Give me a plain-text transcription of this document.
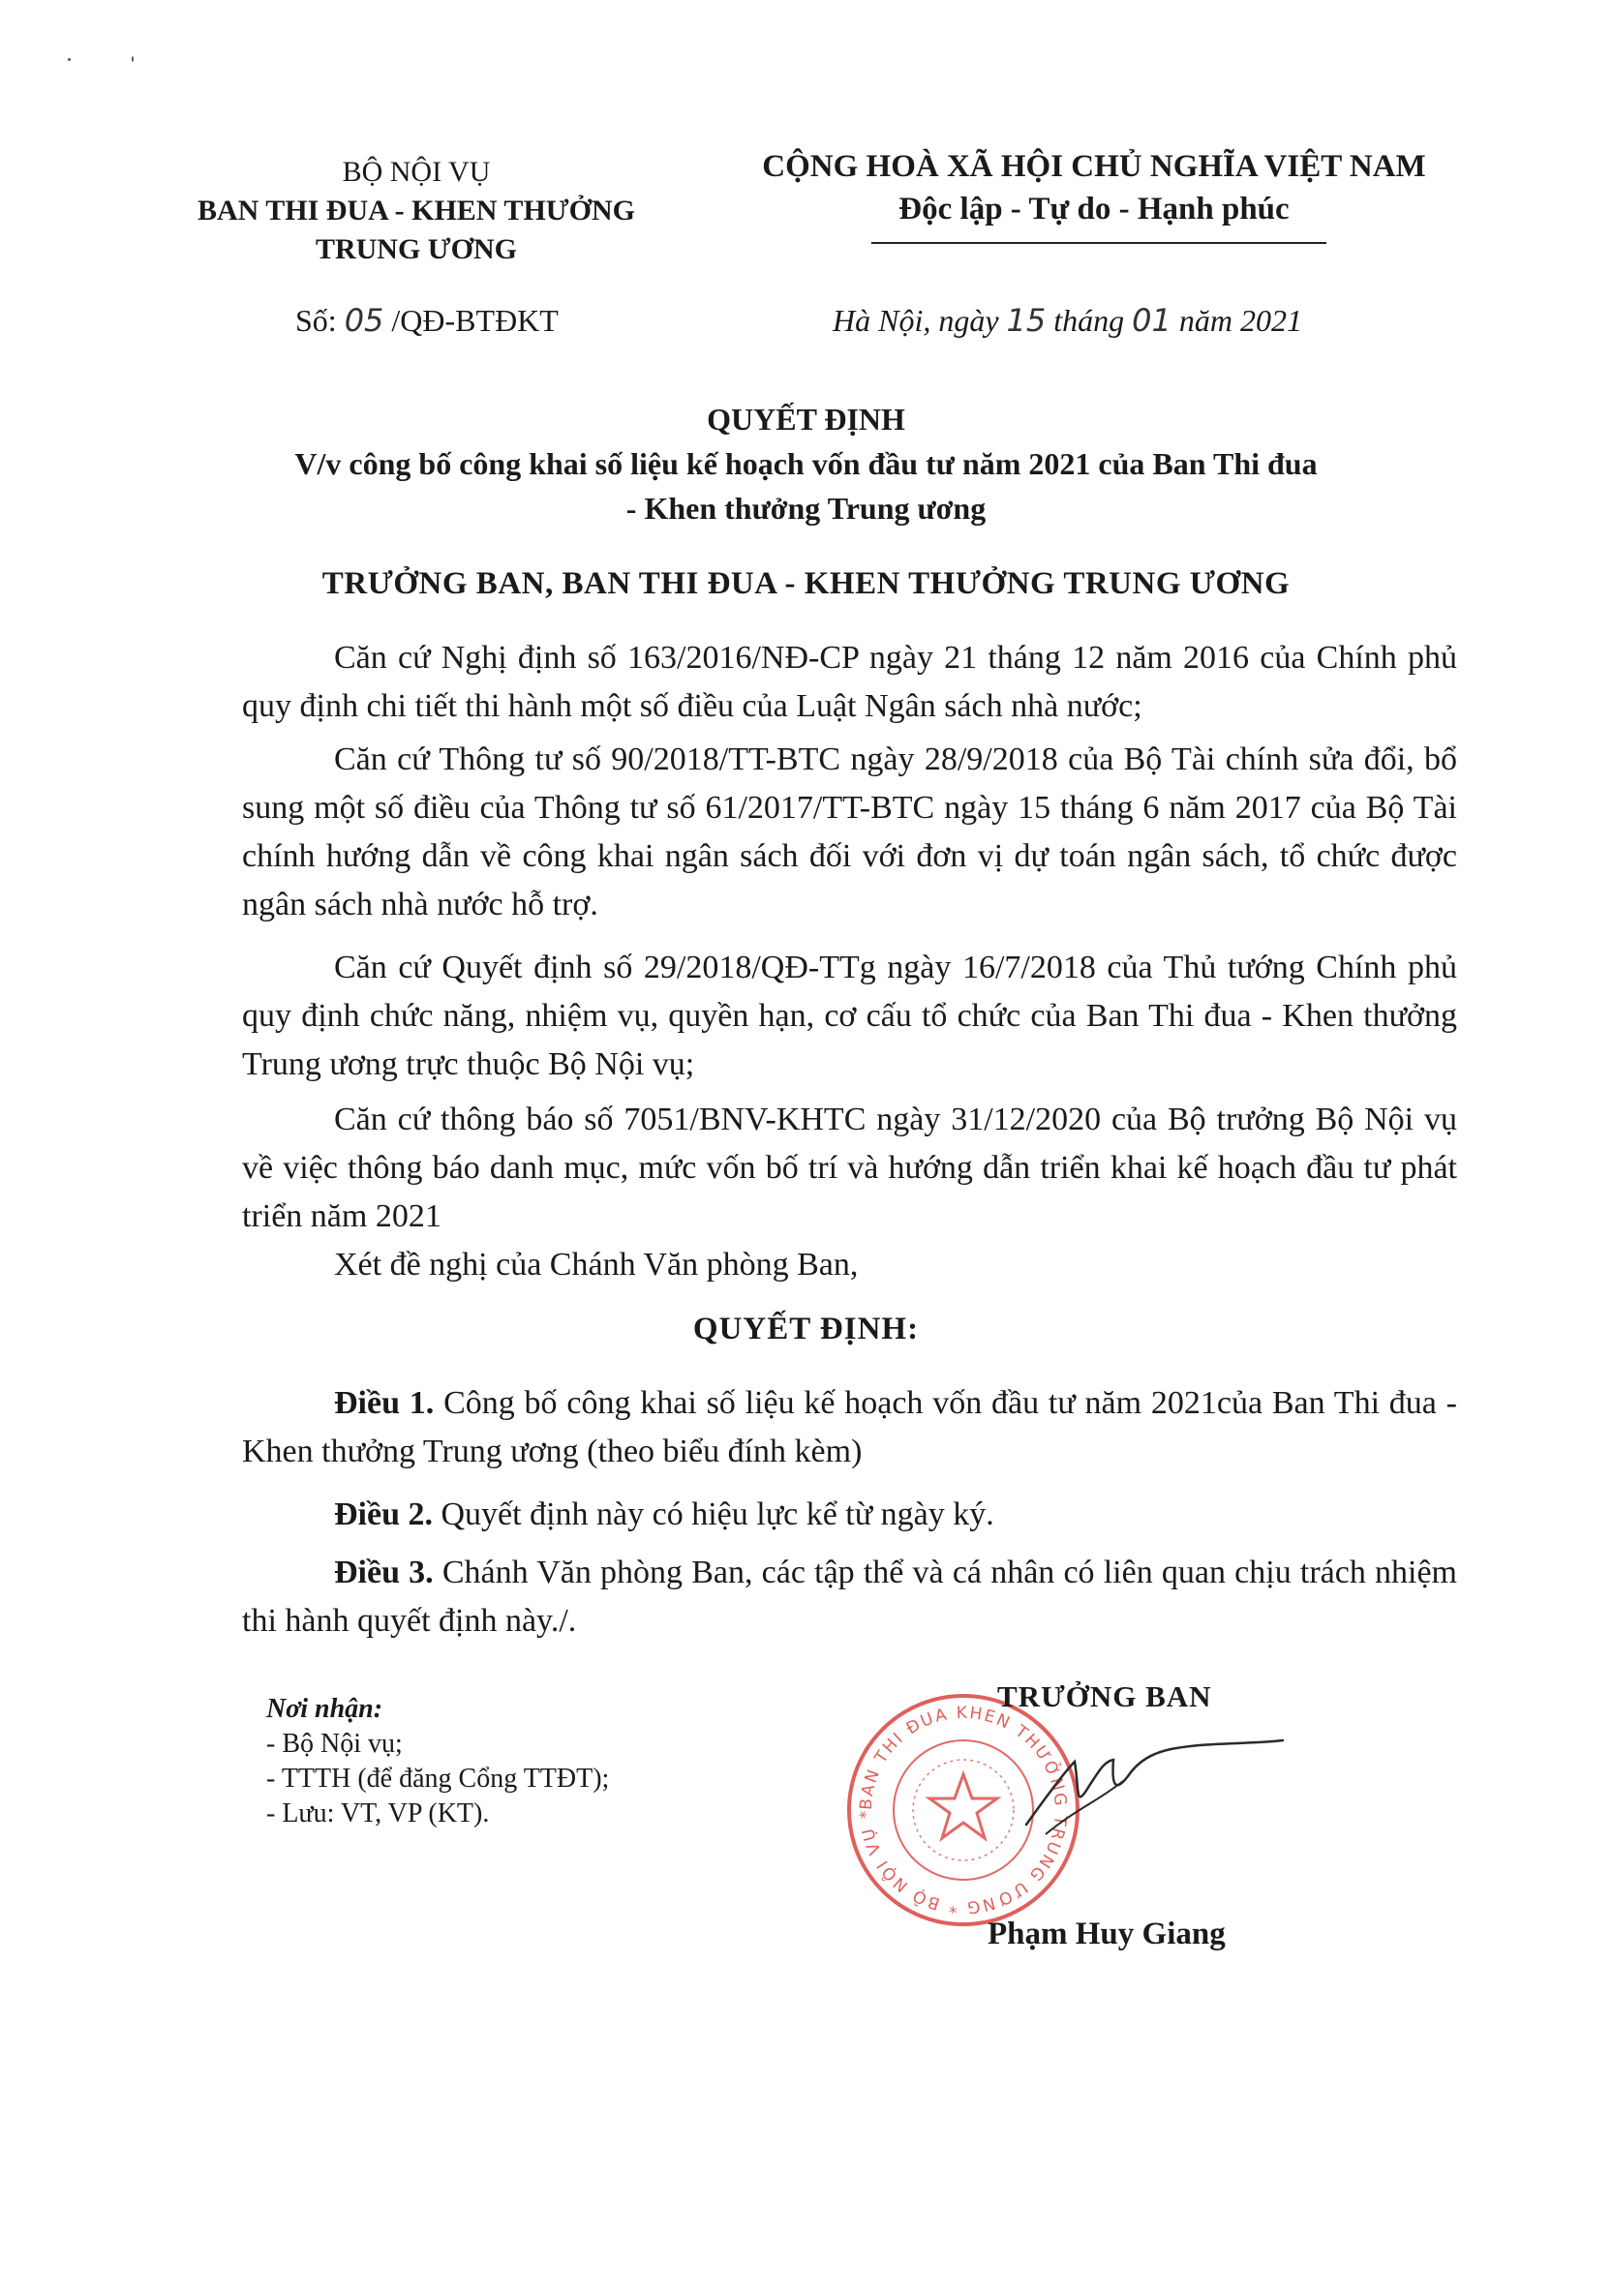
BỘ NỘI VỤ
BAN THI ĐUA - KHEN THƯỞNG
TRUNG ƯƠNG
CỘNG HOÀ XÃ HỘI CHỦ NGHĨA VIỆT NAM
Độc lập - Tự do - Hạnh phúc
Số: 05 /QĐ-BTĐKT	Hà Nội, ngày 15 tháng 01 năm 2021
QUYẾT ĐỊNH
V/v công bố công khai số liệu kế hoạch vốn đầu tư năm 2021 của Ban Thi đua
- Khen thưởng Trung ương
TRƯỞNG BAN, BAN THI ĐUA - KHEN THƯỞNG TRUNG ƯƠNG
Căn cứ Nghị định số 163/2016/NĐ-CP ngày 21 tháng 12 năm 2016 của Chính phủ quy định chi tiết thi hành một số điều của Luật Ngân sách nhà nước;
Căn cứ Thông tư số 90/2018/TT-BTC ngày 28/9/2018 của Bộ Tài chính sửa đổi, bổ sung một số điều của Thông tư số 61/2017/TT-BTC ngày 15 tháng 6 năm 2017 của Bộ Tài chính hướng dẫn về công khai ngân sách đối với đơn vị dự toán ngân sách, tổ chức được ngân sách nhà nước hỗ trợ.
Căn cứ Quyết định số 29/2018/QĐ-TTg ngày 16/7/2018 của Thủ tướng Chính phủ quy định chức năng, nhiệm vụ, quyền hạn, cơ cấu tổ chức của Ban Thi đua - Khen thưởng Trung ương trực thuộc Bộ Nội vụ;
Căn cứ thông báo số 7051/BNV-KHTC ngày 31/12/2020 của Bộ trưởng Bộ Nội vụ về việc thông báo danh mục, mức vốn bố trí và hướng dẫn triển khai kế hoạch đầu tư phát triển năm 2021
Xét đề nghị của Chánh Văn phòng Ban,
QUYẾT ĐỊNH:
Điều 1. Công bố công khai số liệu kế hoạch vốn đầu tư năm 2021của Ban Thi đua - Khen thưởng Trung ương (theo biểu đính kèm)
Điều 2. Quyết định này có hiệu lực kể từ ngày ký.
Điều 3. Chánh Văn phòng Ban, các tập thể và cá nhân có liên quan chịu trách nhiệm thi hành quyết định này./.
Nơi nhận:
- Bộ Nội vụ;
- TTTH (để đăng Cổng TTĐT);
- Lưu: VT, VP (KT).	BAN THI ĐUA KHEN THƯỞNG TRUNG ƯƠNG * BỘ NỘI VỤ *
TRƯỞNG BAN
Phạm Huy Giang
